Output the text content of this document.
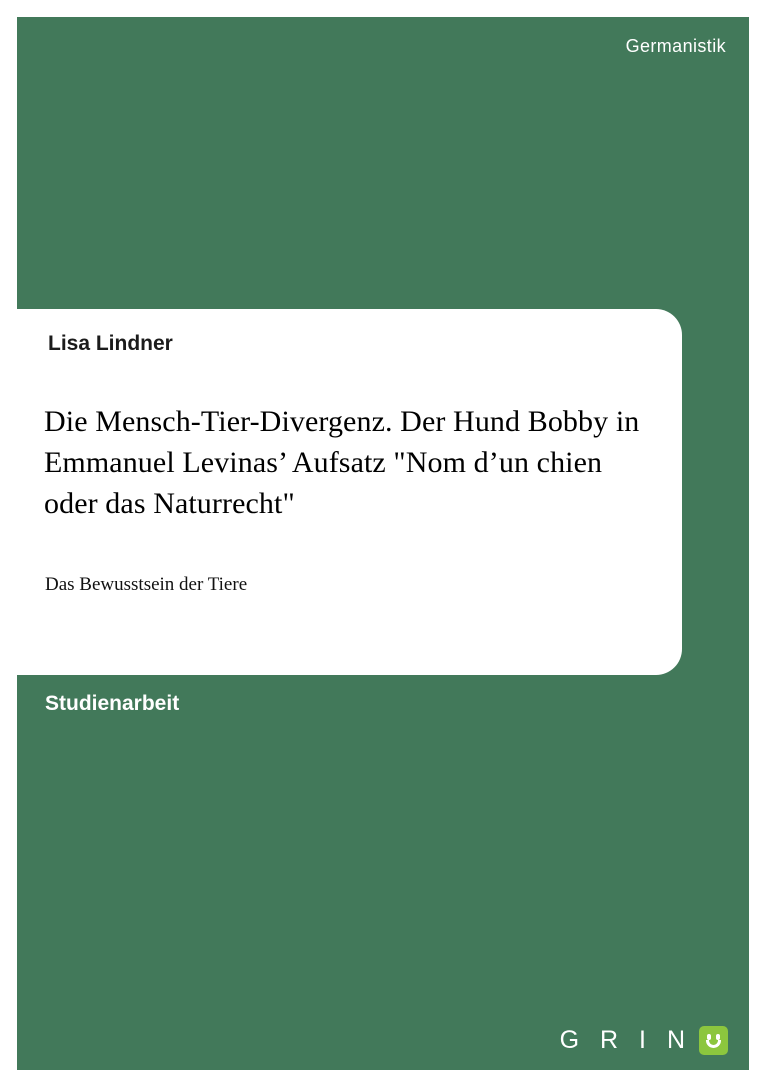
Germanistik
Lisa Lindner
Die Mensch-Tier-Divergenz. Der Hund Bobby in Emmanuel Levinas’ Aufsatz "Nom d’un chien oder das Naturrecht"
Das Bewusstsein der Tiere
Studienarbeit
G R I N
